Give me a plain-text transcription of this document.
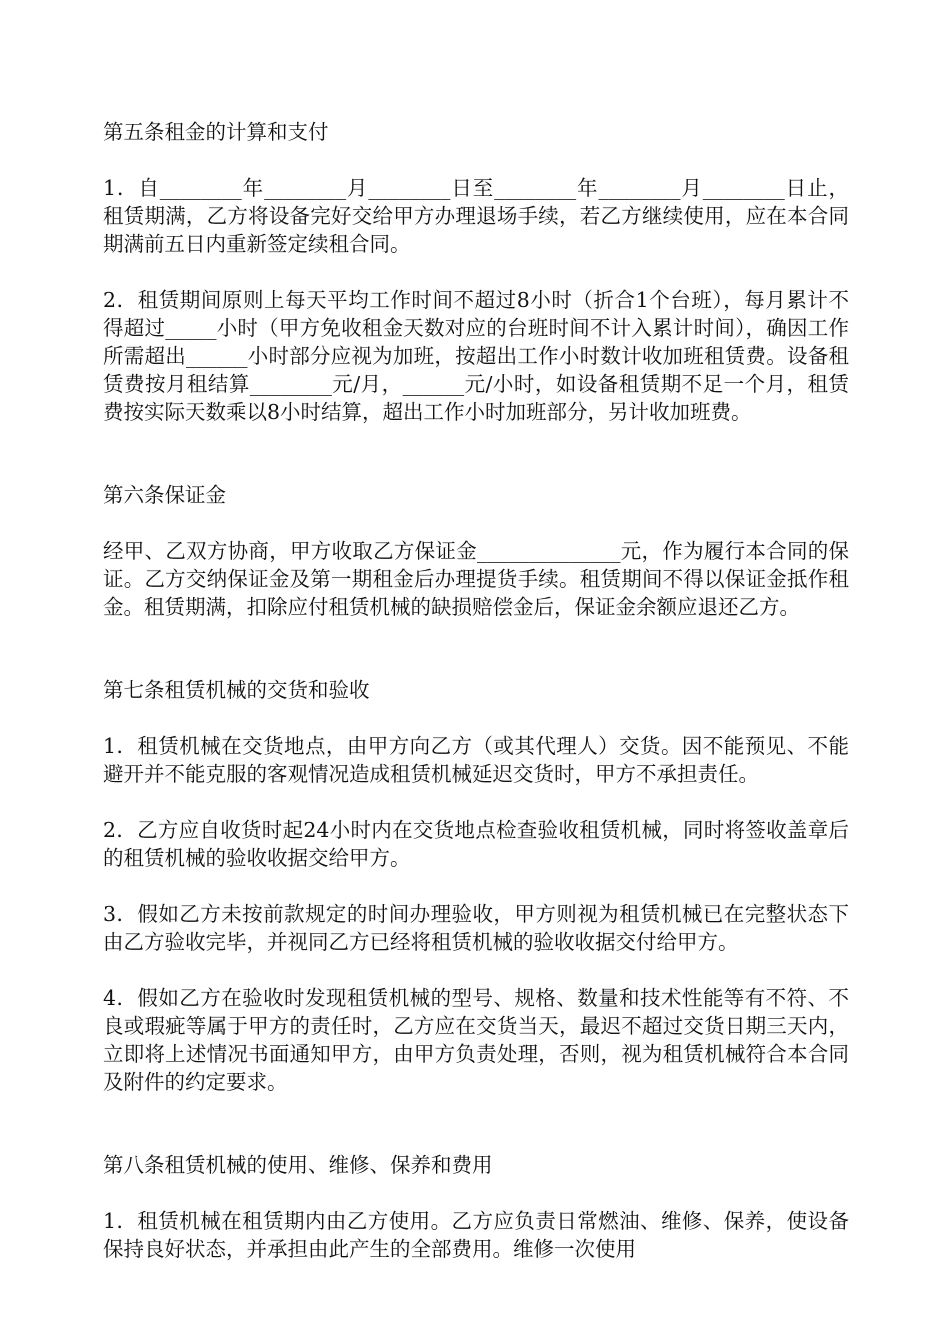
第五条租金的计算和支付

1．自________年________月________日至________年________月________日止，租赁期满，乙方将设备完好交给甲方办理退场手续，若乙方继续使用，应在本合同期满前五日内重新签定续租合同。

2．租赁期间原则上每天平均工作时间不超过8小时（折合1个台班），每月累计不得超过_____小时（甲方免收租金天数对应的台班时间不计入累计时间），确因工作所需超出______小时部分应视为加班，按超出工作小时数计收加班租赁费。设备租赁费按月租结算________元/月，______元/小时，如设备租赁期不足一个月，租赁费按实际天数乘以8小时结算，超出工作小时加班部分，另计收加班费。

第六条保证金

经甲、乙双方协商，甲方收取乙方保证金______________元，作为履行本合同的保证。乙方交纳保证金及第一期租金后办理提货手续。租赁期间不得以保证金抵作租金。租赁期满，扣除应付租赁机械的缺损赔偿金后，保证金余额应退还乙方。

第七条租赁机械的交货和验收

1．租赁机械在交货地点，由甲方向乙方（或其代理人）交货。因不能预见、不能避开并不能克服的客观情况造成租赁机械延迟交货时，甲方不承担责任。

2．乙方应自收货时起24小时内在交货地点检查验收租赁机械，同时将签收盖章后的租赁机械的验收收据交给甲方。

3．假如乙方未按前款规定的时间办理验收，甲方则视为租赁机械已在完整状态下由乙方验收完毕，并视同乙方已经将租赁机械的验收收据交付给甲方。

4．假如乙方在验收时发现租赁机械的型号、规格、数量和技术性能等有不符、不良或瑕疵等属于甲方的责任时，乙方应在交货当天，最迟不超过交货日期三天内，立即将上述情况书面通知甲方，由甲方负责处理，否则，视为租赁机械符合本合同及附件的约定要求。

第八条租赁机械的使用、维修、保养和费用

1．租赁机械在租赁期内由乙方使用。乙方应负责日常燃油、维修、保养，使设备保持良好状态，并承担由此产生的全部费用。维修一次使用
